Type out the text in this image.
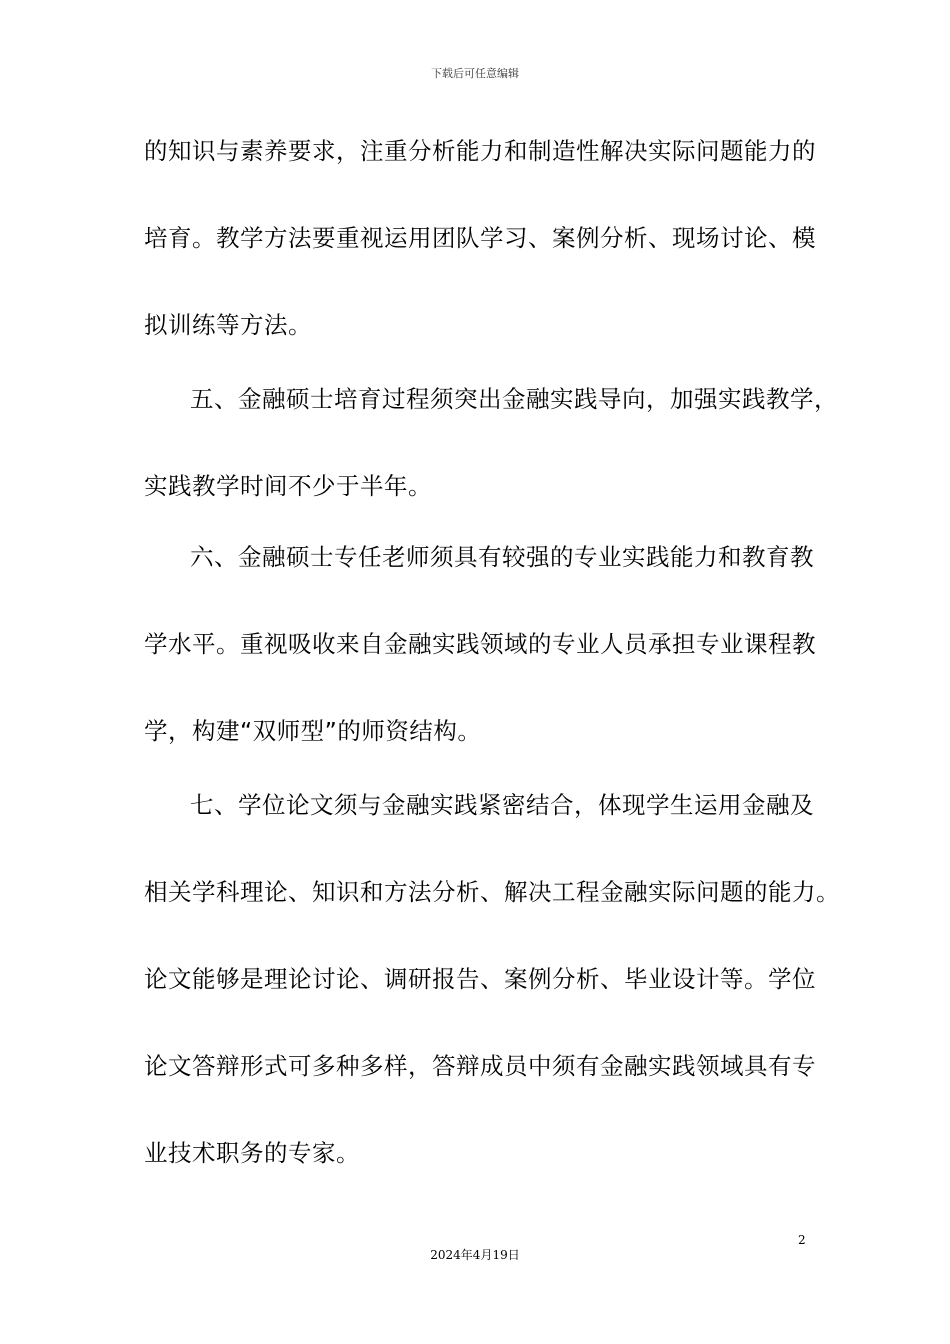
下载后可任意编辑
的知识与素养要求，注重分析能力和制造性解决实际问题能力的
培育。教学方法要重视运用团队学习、案例分析、现场讨论、模
拟训练等方法。
五、金融硕士培育过程须突出金融实践导向，加强实践教学，
实践教学时间不少于半年。
六、金融硕士专任老师须具有较强的专业实践能力和教育教
学水平。重视吸收来自金融实践领域的专业人员承担专业课程教
学，构建“双师型”的师资结构。
七、学位论文须与金融实践紧密结合，体现学生运用金融及
相关学科理论、知识和方法分析、解决工程金融实际问题的能力。
论文能够是理论讨论、调研报告、案例分析、毕业设计等。学位
论文答辩形式可多种多样，答辩成员中须有金融实践领域具有专
业技术职务的专家。
2
2024年4月19日
